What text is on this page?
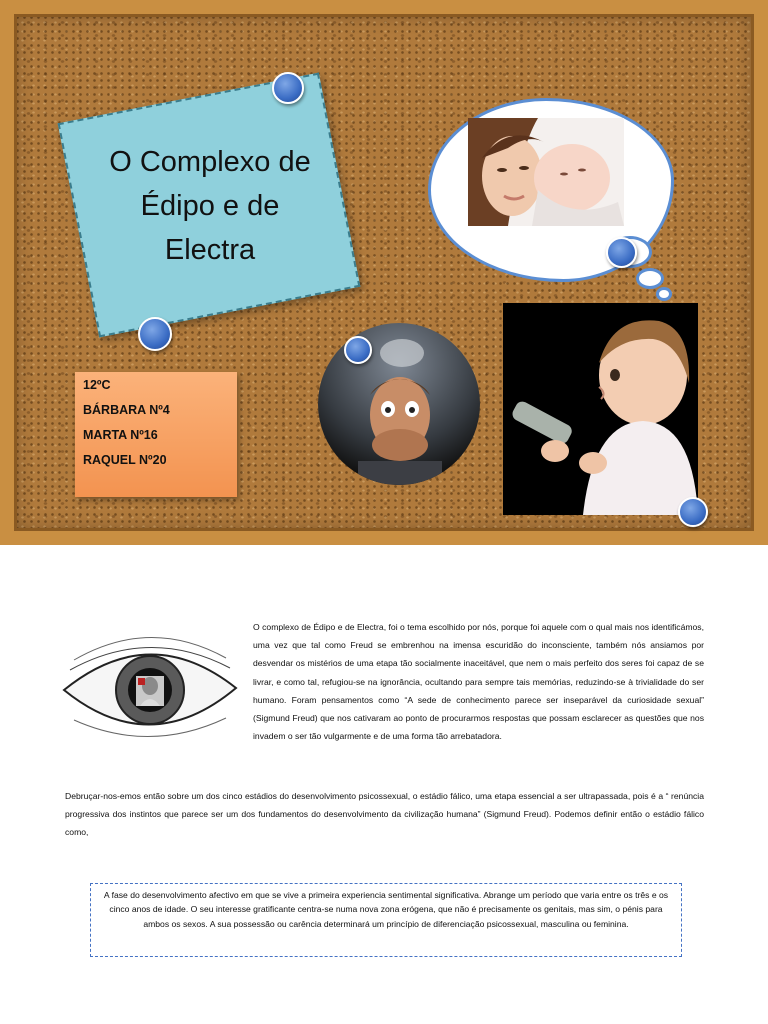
O Complexo de
Édipo e de
Electra
12ºC
BÁRBARA Nº4
MARTA Nº16
RAQUEL Nº20

O complexo de Édipo e de Electra, foi o tema escolhido por nós, porque foi aquele com o qual mais nos identificámos, uma vez que tal como Freud se embrenhou na imensa escuridão do inconsciente, também nós ansiamos por desvendar os mistérios de uma etapa tão socialmente inaceitável, que nem o mais perfeito dos seres foi capaz de se livrar, e como tal, refugiou-se na ignorância, ocultando para sempre tais memórias, reduzindo-se à trivialidade do ser humano. Foram pensamentos como “A sede de conhecimento parece ser inseparável da curiosidade sexual” (Sigmund Freud) que nos cativaram ao ponto de procurarmos respostas que possam esclarecer as questões que nos invadem o ser tão vulgarmente e de uma forma tão arrebatadora.

Debruçar-nos-emos então sobre um dos cinco estádios do desenvolvimento psicossexual, o estádio fálico, uma etapa essencial a ser ultrapassada, pois é a “ renúncia progressiva dos instintos que parece ser um dos fundamentos do desenvolvimento da civilização humana” (Sigmund Freud). Podemos definir então o estádio fálico como,

A fase do desenvolvimento afectivo em que se vive a primeira experiencia sentimental significativa. Abrange um período que varia entre os três e os cinco anos de idade. O seu interesse gratificante centra-se numa nova zona erógena, que não é precisamente os genitais, mas sim, o pénis para ambos os sexos. A sua possessão ou carência determinará um princípio de diferenciação psicossexual, masculina ou feminina.
